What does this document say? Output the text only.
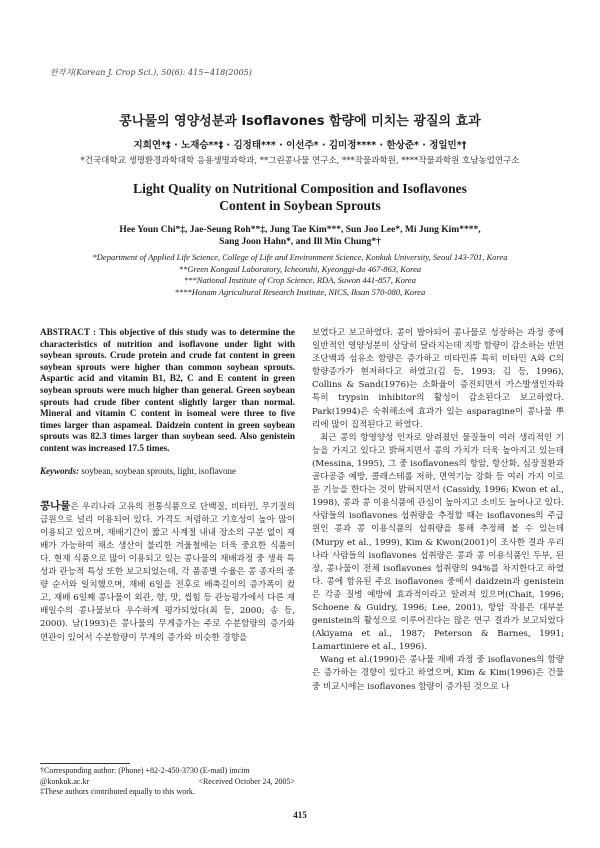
한작지(Korean J. Crop Sci.), 50(6): 415~418(2005)
콩나물의 영양성분과 Isoflavones 함량에 미치는 광질의 효과
지희연*‡ · 노재승**‡ · 김정태*** · 이선주* · 김미정**** · 한상준* · 정일민*†
*건국대학교 생명환경과학대학 응용생명과학과, **그린콩나물 연구소, ***작물과학원, ****작물과학원 호남농업연구소
Light Quality on Nutritional Composition and Isoflavones
Content in Soybean Sprouts
Hee Youn Chi*‡, Jae-Seung Roh**‡, Jung Tae Kim***, Sun Joo Lee*, Mi Jung Kim****,
Sang Joon Hahn*, and Ill Min Chung*†
*Department of Applied Life Science, College of Life and Environment Science, Konkuk University, Seoul 143-701, Korea
**Green Kongaul Laboratory, Icheonshi, Kyeonggi-do 467-863, Korea
***National Institute of Crop Science, RDA, Suwon 441-857, Korea
****Honam Agricultural Research Institute, NICS, Iksan 570-080, Korea
ABSTRACT : This objective of this study was to determine the characteristics of nutrition and isoflavone under light with soybean sprouts. Crude protein and crude fat content in green soybean sprouts were higher than common soybean sprouts. Aspartic acid and vitamin B1, B2, C and E content in green soybean sprouts were much higher than general. Green soybean sprouts had crude fiber content slightly larger than normal. Mineral and vitamin C content in isomeal were three to five times larger than aspameal. Daidzein content in green soybean sprouts was 82.3 times larger than soybean seed. Also genistein content was increased 17.5 times.
Keywords: soybean, soybean sprouts, light, isoflavone

콩나물은 우리나라 고유의 전통식품으로 단백질, 비타민, 무기질의 급원으로 널리 이용되어 있다. 가격도 저렴하고 기호성이 높아 많이 이용되고 있으며, 재배기간이 짧고 사계절 내내 장소의 구분 없이 재배가 가능하여 채소 생산이 불리한 겨울철에는 더욱 중요한 식품이다. 현재 식품으로 많이 이용되고 있는 콩나물의 재배과정 중 생육 특성과 관능적 특성 또한 보고되었는데, 각 품종별 수율은 콩 종자의 중량 순서와 일치했으며, 재배 6일을 전후로 배축길이의 증가폭이 컸고, 재배 6일째 콩나물이 외관, 향, 맛, 씹힘 등 관능평가에서 다른 재배일수의 콩나물보다 우수하게 평가되었다(최 등, 2000; 송 등, 2000). 남(1993)은 콩나물의 무게증가는 주로 수분함량의 증가와 연관이 있어서 수분함량이 무게의 증가와 비슷한 경향을

†Corresponding author: (Phone) +82-2-450-3730 (E-mail) imcim
@konkuk.ac.kr	<Received October 24, 2005>
‡These authors contributed equally to this work.

보였다고 보고하였다. 콩이 발아되어 콩나물로 성장하는 과정 중에 일반적인 영양성분이 상당히 달라지는데 지방 함량이 감소하는 반면 조단백과 섬유소 함량은 증가하고 비타민류 특히 비타민 A와 C의 함량증가가 현저하다고 하였고(김 등, 1993; 김 등, 1996), Collins & Sand(1976)는 소화율이 증진되면서 가스발생인자와 특히 trypsin inhibitor의 활성이 감소된다고 보고하였다. Park(1994)은 숙취해소에 효과가 있는 asparagine이 콩나물 뿌리에 많이 집적된다고 하였다.

최근 콩의 항영양성 인자로 알려졌던 물질들이 여러 생리적인 기능을 가지고 있다고 밝혀지면서 콩의 가치가 더욱 높아지고 있는데(Messina, 1995), 그 중 isoflavones의 항암, 항산화, 심장질환과 골다공증 예방, 콜레스테롤 저하, 면역기능 강화 등 여러 가지 이로운 기능을 한다는 것이 밝혀지면서 (Cassidy, 1996; Kwon et al., 1998), 콩과 콩 이용식품에 관심이 높아지고 소비도 늘어나고 있다. 사람들의 isoflavones 섭취량을 추정할 때는 isoflavones의 주급원인 콩과 콩 이용식품의 섭취량을 통해 추정해 볼 수 있는데(Murpy et al., 1999), Kim & Kwon(2001)이 조사한 결과 우리나라 사람들의 isoflavones 섭취량은 콩과 콩 이용식품인 두부, 된장, 콩나물이 전체 isoflavones 섭취량의 94%를 차지한다고 하였다. 콩에 함유된 주요 isoflavones 중에서 daidzein과 genistein은 각종 질병 예방에 효과적이라고 알려져 있으며(Chait, 1996; Schoene & Guidry, 1996; Lee, 2001), 항암 작용은 대부분 genistein의 활성으로 이루어진다는 많은 연구 결과가 보고되었다(Akiyama et al., 1987; Peterson & Barnes, 1991; Lamartiniere et al., 1996).

Wang et al.(1990)은 콩나물 재배 과정 중 isoflavones의 함량은 증가하는 경향이 있다고 하였으며, Kim & Kim(1996)은 건물 중 비교시에는 isoflavones 함량이 증가된 것으로 나

415
